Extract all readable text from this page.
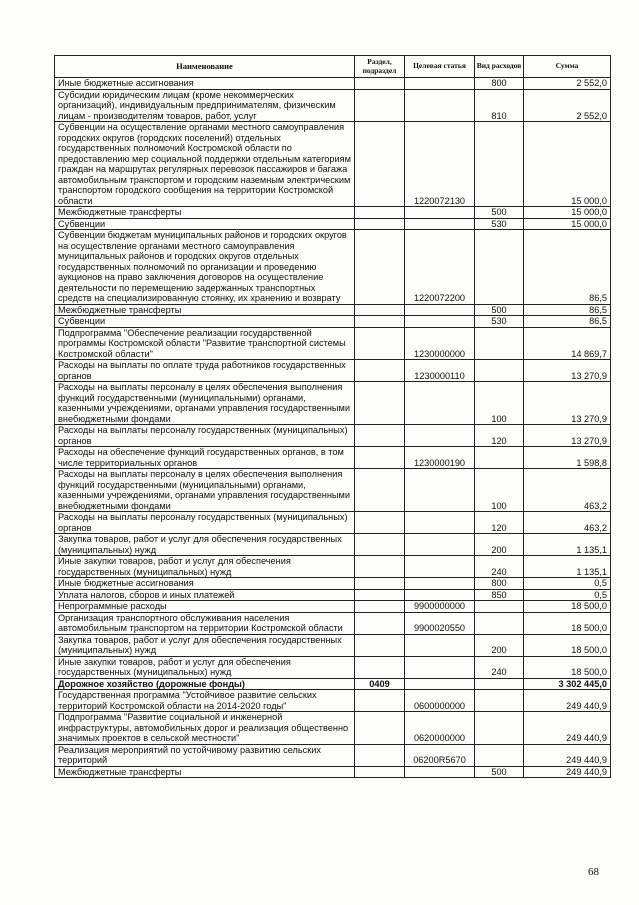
Наименование	Раздел, подраздел	Целевая статья	Вид расходов	Сумма
Иные бюджетные ассигнования			800	2 552,0
Субсидии юридическим лицам (кроме некоммерческих организаций), индивидуальным предпринимателям, физическим лицам - производителям товаров, работ, услуг			810	2 552,0
Субвенции на осуществление органами местного самоуправления городских округов (городских поселений) отдельных государственных полномочий Костромской области по предоставлению мер социальной поддержки отдельным категориям граждан на маршрутах регулярных перевозок пассажиров и багажа автомобильным транспортом и городским наземным электрическим транспортом городского сообщения на территории Костромской области		1220072130		15 000,0
Межбюджетные трансферты			500	15 000,0
Субвенции			530	15 000,0
Субвенции бюджетам муниципальных районов и городских округов на осуществление органами местного самоуправления муниципальных районов и городских округов отдельных государственных полномочий по организации и проведению аукционов на право заключения договоров на осуществление деятельности по перемещению задержанных транспортных средств на специализированную стоянку, их хранению и возврату		1220072200		86,5
Межбюджетные трансферты			500	86,5
Субвенции			530	86,5
Подпрограмма "Обеспечение реализации государственной программы Костромской области "Развитие транспортной системы Костромской области"		1230000000		14 869,7
Расходы на выплаты по оплате труда работников государственных органов		1230000110		13 270,9
Расходы на выплаты персоналу в целях обеспечения выполнения функций государственными (муниципальными) органами, казенными учреждениями, органами управления государственными внебюджетными фондами			100	13 270,9
Расходы на выплаты персоналу государственных (муниципальных) органов			120	13 270,9
Расходы на обеспечение функций государственных органов, в том числе территориальных органов		1230000190		1 598,8
Расходы на выплаты персоналу в целях обеспечения выполнения функций государственными (муниципальными) органами, казенными учреждениями, органами управления государственными внебюджетными фондами			100	463,2
Расходы на выплаты персоналу государственных (муниципальных) органов			120	463,2
Закупка товаров, работ и услуг для обеспечения государственных (муниципальных) нужд			200	1 135,1
Иные закупки товаров, работ и услуг для обеспечения государственных (муниципальных) нужд			240	1 135,1
Иные бюджетные ассигнования			800	0,5
Уплата налогов, сборов и иных платежей			850	0,5
Непрограммные расходы		9900000000		18 500,0
Организация транспортного обслуживания населения автомобильным транспортом на территории Костромской области		9900020550		18 500,0
Закупка товаров, работ и услуг для обеспечения государственных (муниципальных) нужд			200	18 500,0
Иные закупки товаров, работ и услуг для обеспечения государственных (муниципальных) нужд			240	18 500,0
Дорожное хозяйство (дорожные фонды)	0409			3 302 445,0
Государственная программа "Устойчивое развитие сельских территорий Костромской области на 2014-2020 годы"		0600000000		249 440,9
Подпрограмма "Развитие социальной и инженерной инфраструктуры, автомобильных дорог и реализация общественно значимых проектов в сельской местности"		0620000000		249 440,9
Реализация мероприятий по устойчивому развитию сельских территорий		06200R5670		249 440,9
Межбюджетные трансферты			500	249 440,9
68
